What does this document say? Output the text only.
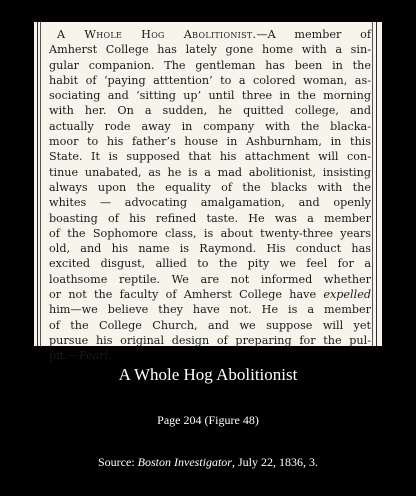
A Whole Hog Abolitionist.—A member of
Amherst College has lately gone home with a sin-
gular companion. The gentleman has been in the
habit of ‘paying atttention’ to a colored woman, as-
sociating and ‘sitting up’ until three in the morning
with her. On a sudden, he quitted college, and
actually rode away in company with the blacka-
moor to his father’s house in Ashburnham, in this
State. It is supposed that his attachment will con-
tinue unabated, as he is a mad abolitionist, insisting
always upon the equality of the blacks with the
whites — advocating amalgamation, and openly
boasting of his refined taste. He was a member
of the Sophomore class, is about twenty-three years
old, and his name is Raymond. His conduct has
excited disgust, allied to the pity we feel for a
loathsome reptile. We are not informed whether
or not the faculty of Amherst College have expelled
him—we believe they have not. He is a member
of the College Church, and we suppose will yet
pursue his original design of preparing for the pul-
pit.—Pearl.
A Whole Hog Abolitionist
Page 204 (Figure 48)
Source: Boston Investigator, July 22, 1836, 3.
